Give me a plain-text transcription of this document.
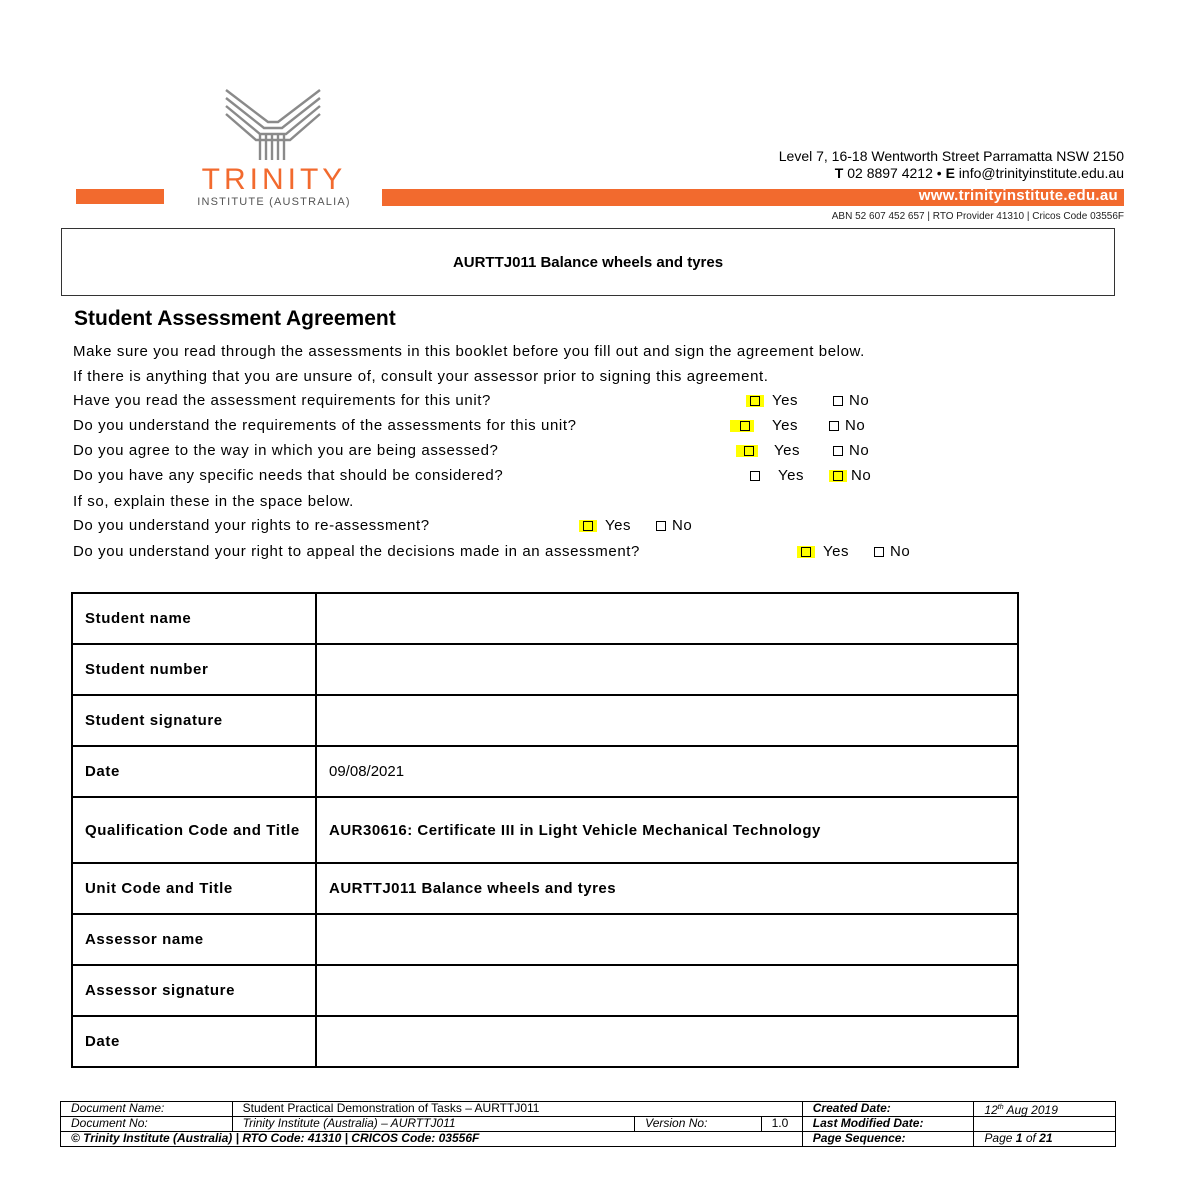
TRINITY
INSTITUTE (AUSTRALIA)	www.trinityinstitute.edu.au
Level 7, 16-18 Wentworth Street Parramatta NSW 2150
T 02 8897 4212 • E info@trinityinstitute.edu.au
ABN 52 607 452 657 | RTO Provider 41310 | Cricos Code 03556F
AURTTJ011 Balance wheels and tyres
Student Assessment Agreement
Make sure you read through the assessments in this booklet before you fill out and sign the agreement below.
If there is anything that you are unsure of, consult your assessor prior to signing this agreement.
Have you read the assessment requirements for this unit?	Yes	No
Do you understand the requirements of the assessments for this unit?	Yes	No
Do you agree to the way in which you are being assessed?	Yes	No
Do you have any specific needs that should be considered?	Yes	No
If so, explain these in the space below.
Do you understand your rights to re-assessment?	Yes	No
Do you understand your right to appeal the decisions made in an assessment?	Yes	No
Student name	
Student number	
Student signature	
Date	09/08/2021
Qualification Code and Title	AUR30616: Certificate III in Light Vehicle Mechanical Technology
Unit Code and Title	AURTTJ011 Balance wheels and tyres
Assessor name	
Assessor signature	
Date	
Document Name:	Student Practical Demonstration of Tasks – AURTTJ011			Created Date:	12th Aug 2019
Document No:	Trinity Institute (Australia) – AURTTJ011	Version No:	1.0	Last Modified Date:	
© Trinity Institute (Australia) | RTO Code: 41310 | CRICOS Code: 03556F				Page Sequence:	Page 1 of 21
